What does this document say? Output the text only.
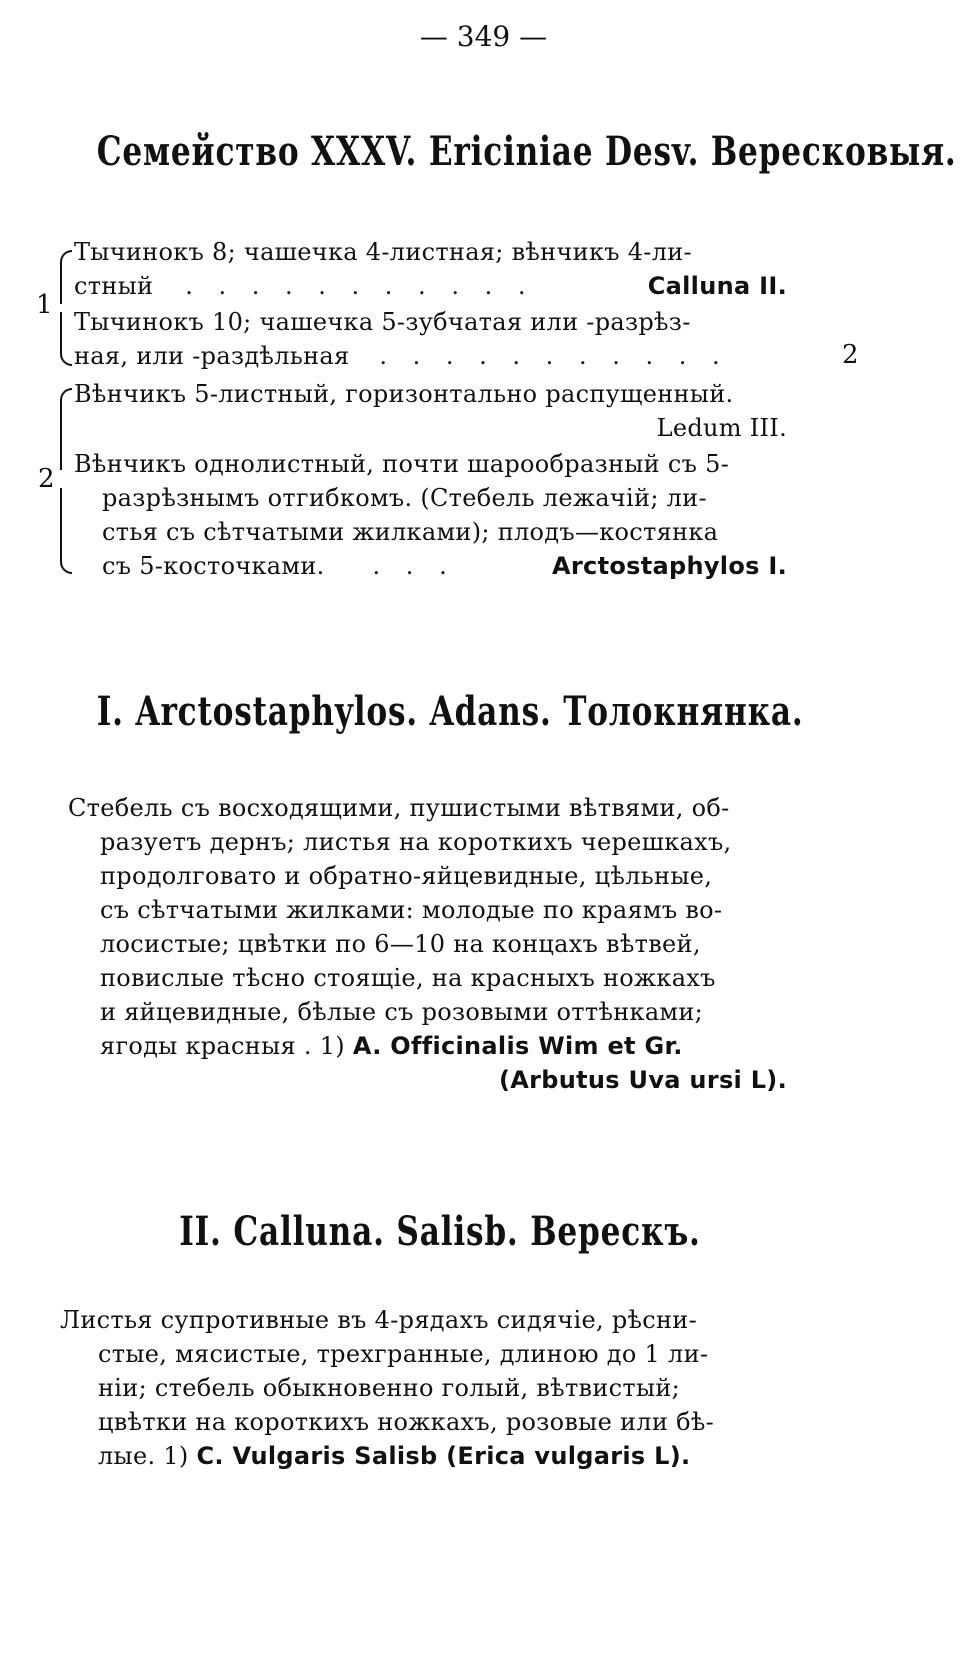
— 349 —
Семейство XXXV. Ericiniae Desv. Вересковыя.
1
Тычинокъ 8; чашечка 4-листная; вѣнчикъ 4-ли-
стный . . . . . . . . . . .	Calluna II.
Тычинокъ 10; чашечка 5-зубчатая или -разрѣз-
ная, или -раздѣльная . . . . . . . . . . .	2
2
Вѣнчикъ 5-листный, горизонтально распущенный.
Ledum III.
Вѣнчикъ однолистный, почти шарообразный съ 5-
разрѣзнымъ отгибкомъ. (Стебель лежачій; ли-
стья съ сѣтчатыми жилками); плодъ—костянка
съ 5-косточками. . . .	Arctostaphylos I.
I. Arctostaphylos. Adans. Толокнянка.
Стебель съ восходящими, пушистыми вѣтвями, об-
разуетъ дернъ; листья на короткихъ черешкахъ,
продолговато и обратно-яйцевидные, цѣльные,
съ сѣтчатыми жилками: молодые по краямъ во-
лосистые; цвѣтки по 6—10 на концахъ вѣтвей,
повислые тѣсно стоящіе, на красныхъ ножкахъ
и яйцевидные, бѣлые съ розовыми оттѣнками;
ягоды красныя . 1) A. Officinalis Wim et Gr.
(Arbutus Uva ursi L).
II. Calluna. Salisb. Верескъ.
Листья супротивные въ 4-рядахъ сидячіе, рѣсни-
стые, мясистые, трехгранные, длиною до 1 ли-
ніи; стебель обыкновенно голый, вѣтвистый;
цвѣтки на короткихъ ножкахъ, розовые или бѣ-
лые. 1) C. Vulgaris Salisb (Erica vulgaris L).
